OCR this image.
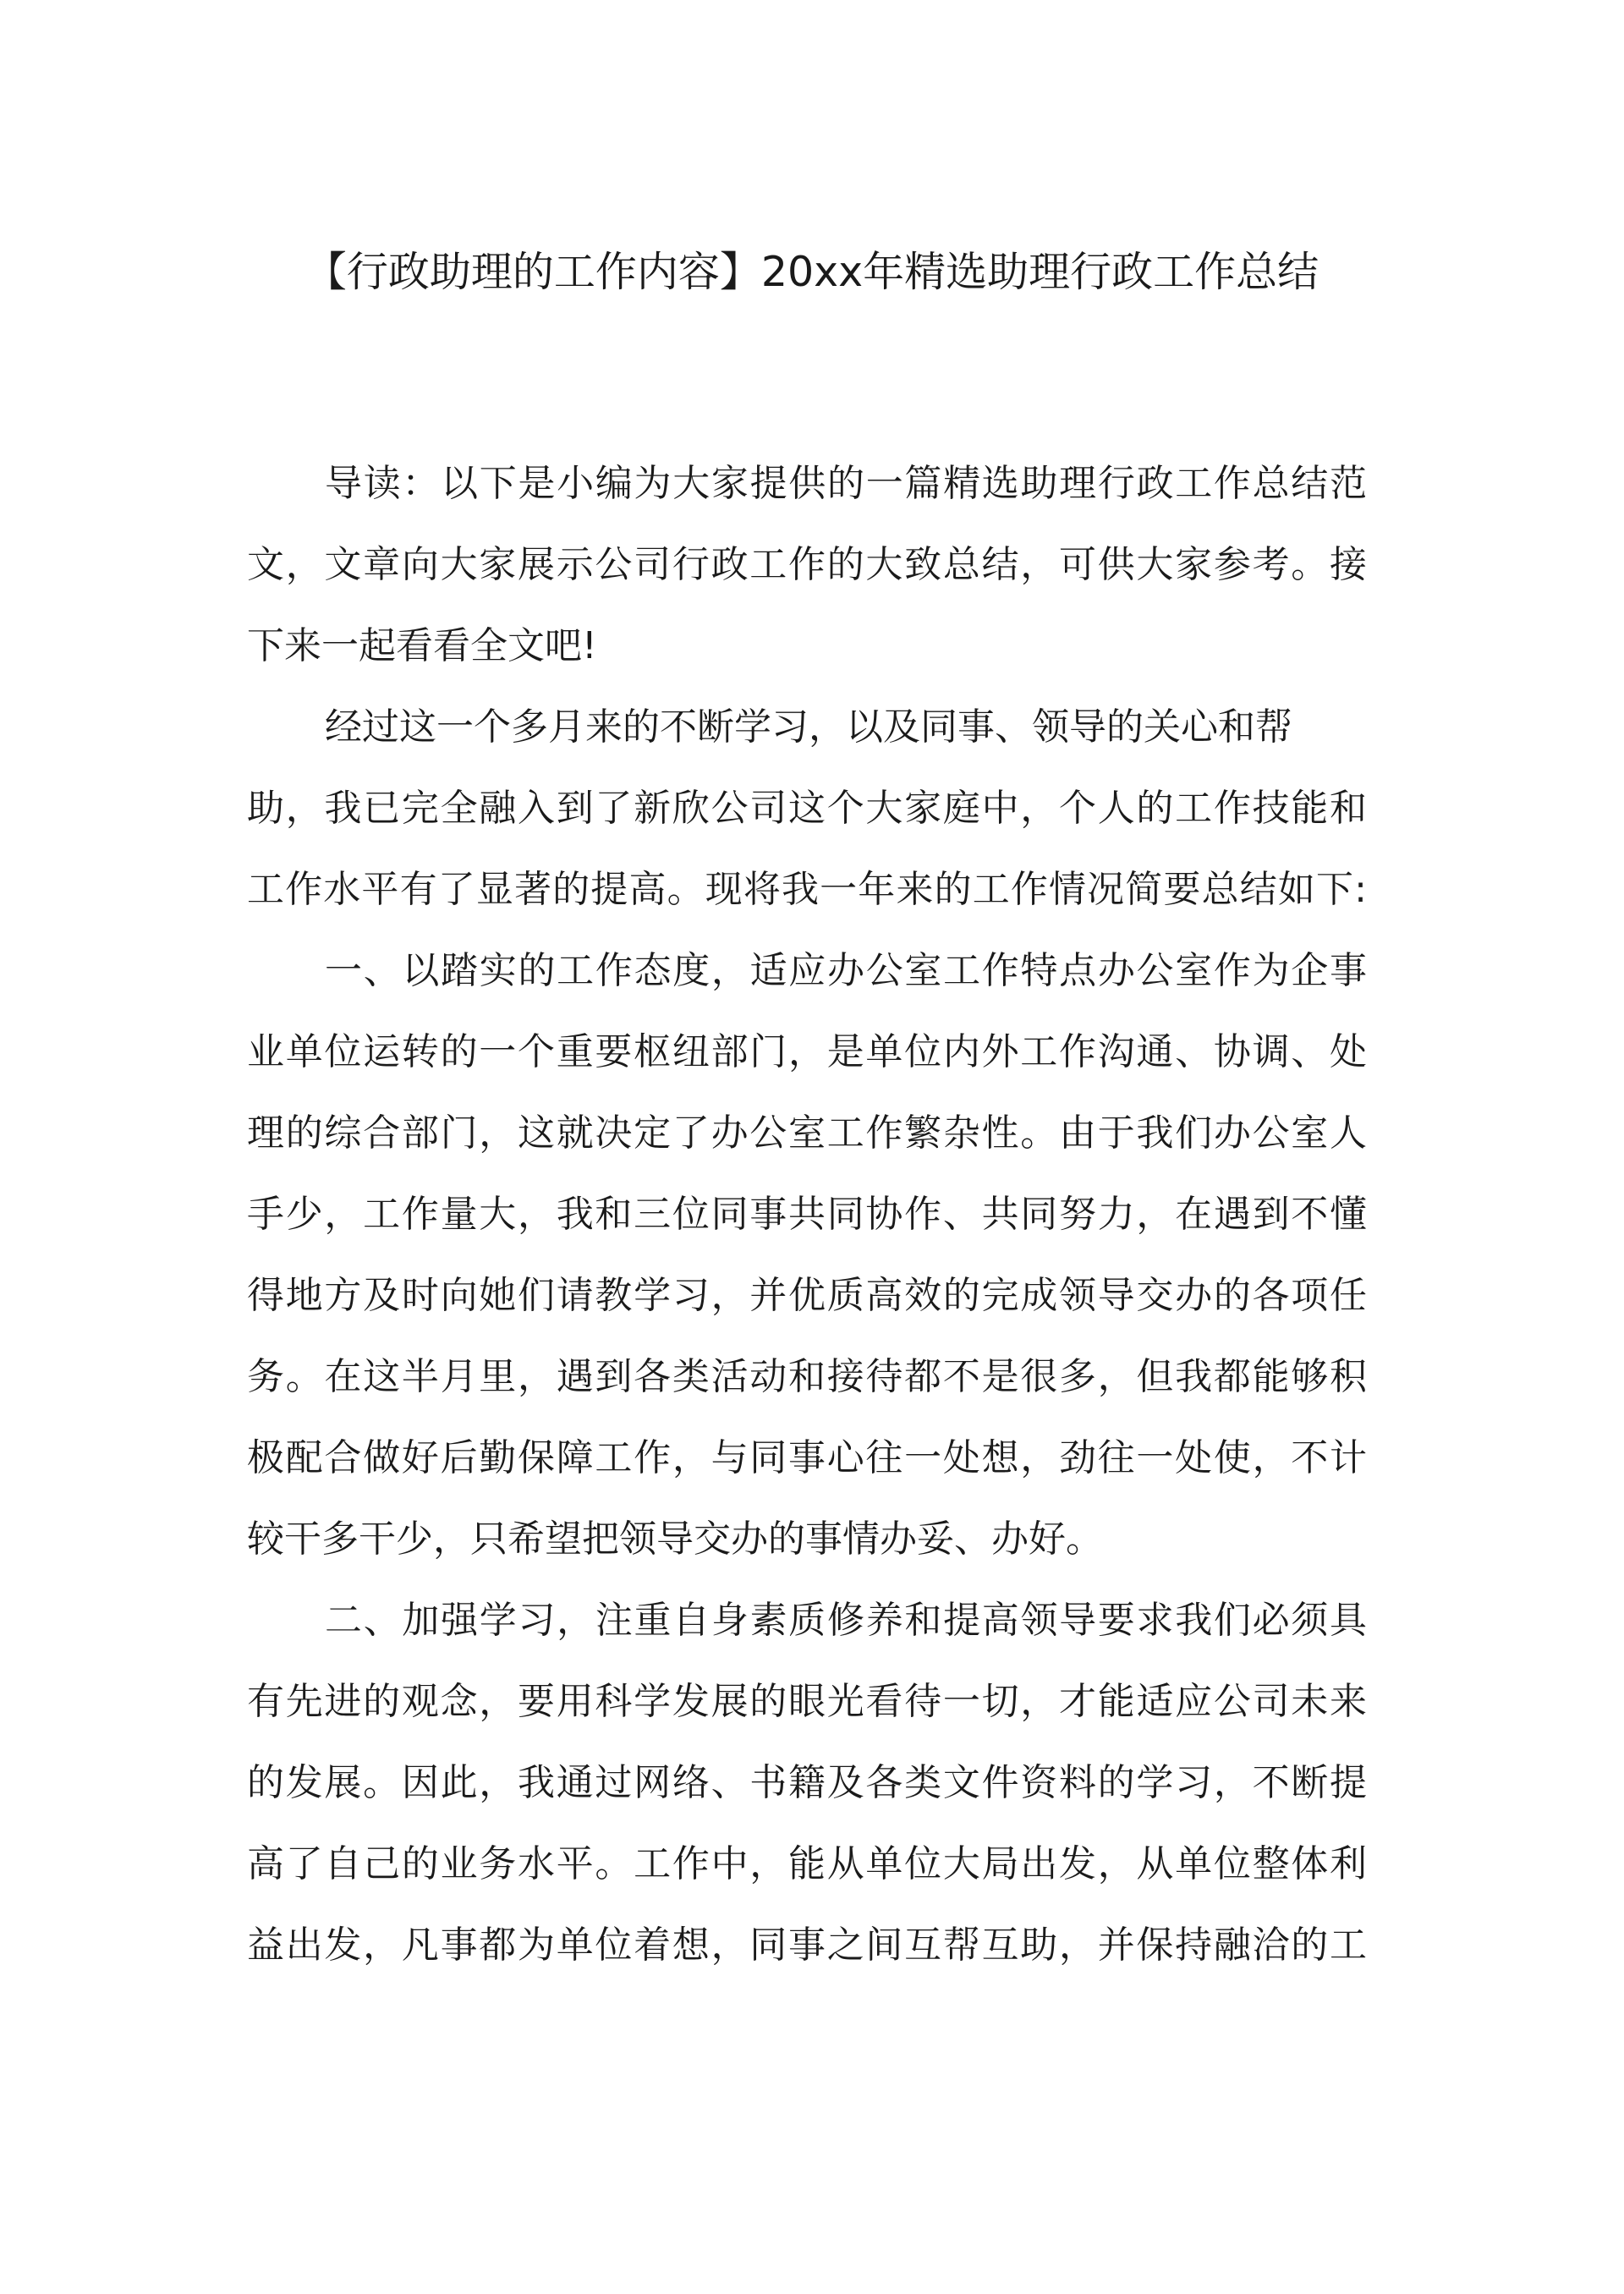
【行政助理的工作内容】20xx年精选助理行政工作总结

导读：以下是小编为大家提供的一篇精选助理行政工作总结范

文，文章向大家展示公司行政工作的大致总结，可供大家参考。接

下来一起看看全文吧!

经过这一个多月来的不断学习，以及同事、领导的关心和帮

助，我已完全融入到了新欣公司这个大家庭中，个人的工作技能和

工作水平有了显著的提高。现将我一年来的工作情况简要总结如下:

一、以踏实的工作态度，适应办公室工作特点办公室作为企事

业单位运转的一个重要枢纽部门，是单位内外工作沟通、协调、处

理的综合部门，这就决定了办公室工作繁杂性。由于我们办公室人

手少，工作量大，我和三位同事共同协作、共同努力，在遇到不懂

得地方及时向她们请教学习，并优质高效的完成领导交办的各项任

务。在这半月里，遇到各类活动和接待都不是很多，但我都能够积

极配合做好后勤保障工作，与同事心往一处想，劲往一处使，不计

较干多干少，只希望把领导交办的事情办妥、办好。

二、加强学习，注重自身素质修养和提高领导要求我们必须具

有先进的观念，要用科学发展的眼光看待一切，才能适应公司未来

的发展。因此，我通过网络、书籍及各类文件资料的学习，不断提

高了自己的业务水平。工作中，能从单位大局出发，从单位整体利

益出发，凡事都为单位着想，同事之间互帮互助，并保持融洽的工
